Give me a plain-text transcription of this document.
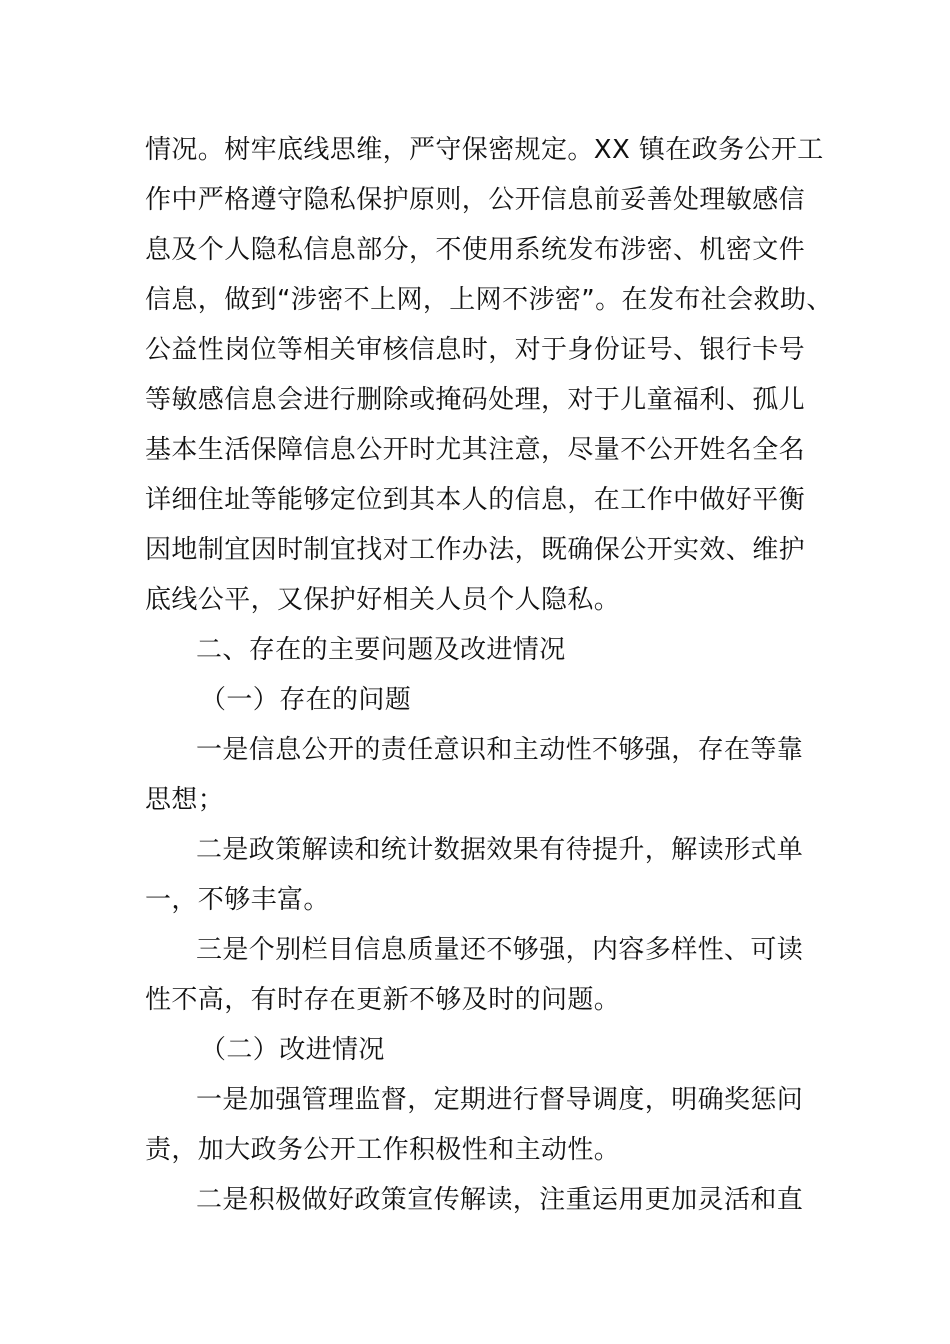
情况。树牢底线思维，严守保密规定。XX 镇在政务公开工
作中严格遵守隐私保护原则，公开信息前妥善处理敏感信
息及个人隐私信息部分，不使用系统发布涉密、机密文件
信息，做到“涉密不上网，上网不涉密”。在发布社会救助、
公益性岗位等相关审核信息时，对于身份证号、银行卡号
等敏感信息会进行删除或掩码处理，对于儿童福利、孤儿
基本生活保障信息公开时尤其注意，尽量不公开姓名全名
详细住址等能够定位到其本人的信息，在工作中做好平衡
因地制宜因时制宜找对工作办法，既确保公开实效、维护
底线公平，又保护好相关人员个人隐私。
二、存在的主要问题及改进情况
（一）存在的问题
一是信息公开的责任意识和主动性不够强，存在等靠
思想；
二是政策解读和统计数据效果有待提升，解读形式单
一，不够丰富。
三是个别栏目信息质量还不够强，内容多样性、可读
性不高，有时存在更新不够及时的问题。
（二）改进情况
一是加强管理监督，定期进行督导调度，明确奖惩问
责，加大政务公开工作积极性和主动性。
二是积极做好政策宣传解读，注重运用更加灵活和直
